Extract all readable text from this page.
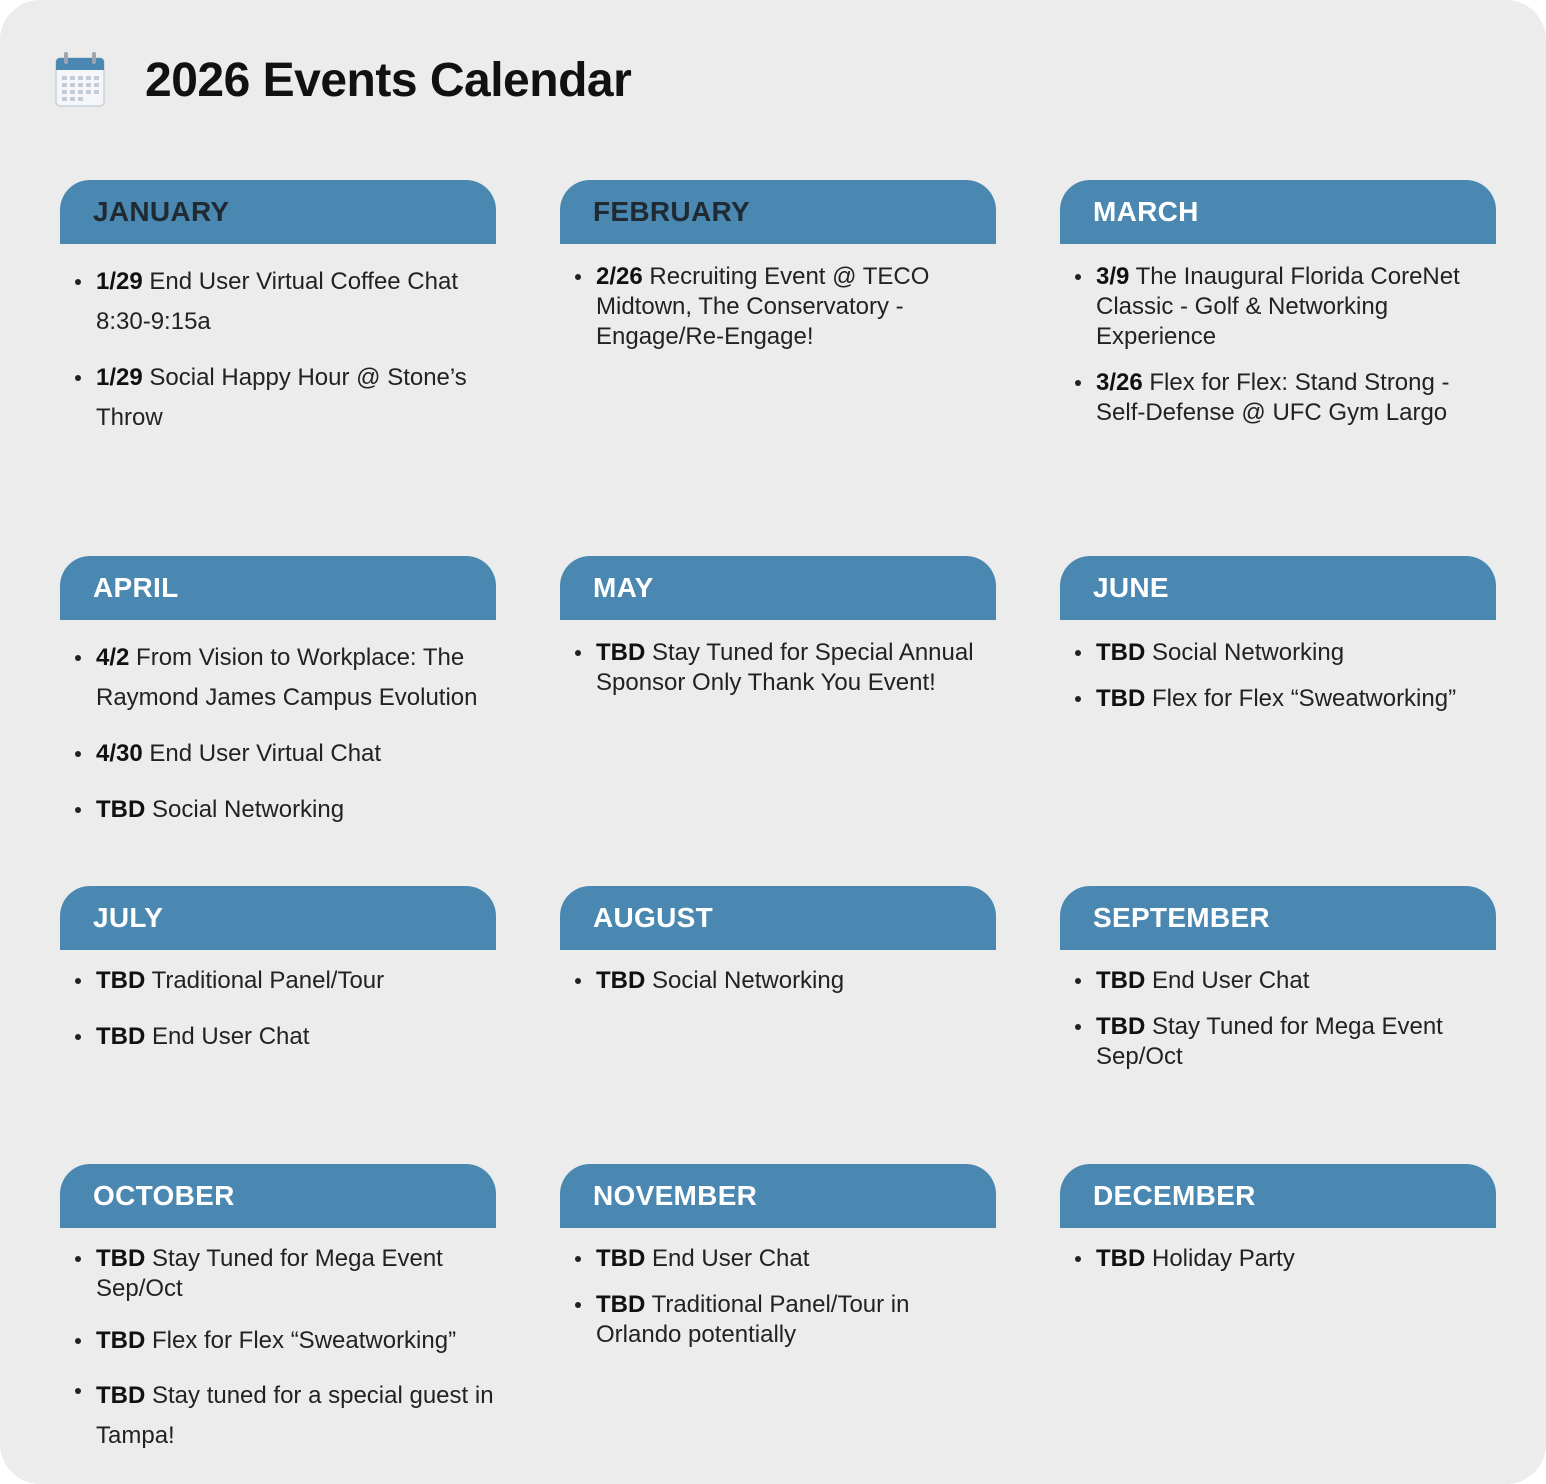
2026 Events Calendar
JANUARY
1/29 End User Virtual Coffee Chat 8:30-9:15a
1/29 Social Happy Hour @ Stone’s Throw
FEBRUARY
2/26 Recruiting Event @ TECO Midtown, The Conservatory - Engage/Re-Engage!
MARCH
3/9 The Inaugural Florida CoreNet Classic - Golf & Networking Experience
3/26 Flex for Flex: Stand Strong - Self-Defense @ UFC Gym Largo
APRIL
4/2 From Vision to Workplace: The Raymond James Campus Evolution
4/30 End User Virtual Chat
TBD Social Networking
MAY
TBD Stay Tuned for Special Annual Sponsor Only Thank You Event!
JUNE
TBD Social Networking
TBD Flex for Flex “Sweatworking”
JULY
TBD Traditional Panel/Tour
TBD End User Chat
AUGUST
TBD Social Networking
SEPTEMBER
TBD End User Chat
TBD Stay Tuned for Mega Event Sep/Oct
OCTOBER
TBD Stay Tuned for Mega Event Sep/Oct
TBD Flex for Flex “Sweatworking”
TBD Stay tuned for a special guest in Tampa!
NOVEMBER
TBD End User Chat
TBD Traditional Panel/Tour in Orlando potentially
DECEMBER
TBD Holiday Party
